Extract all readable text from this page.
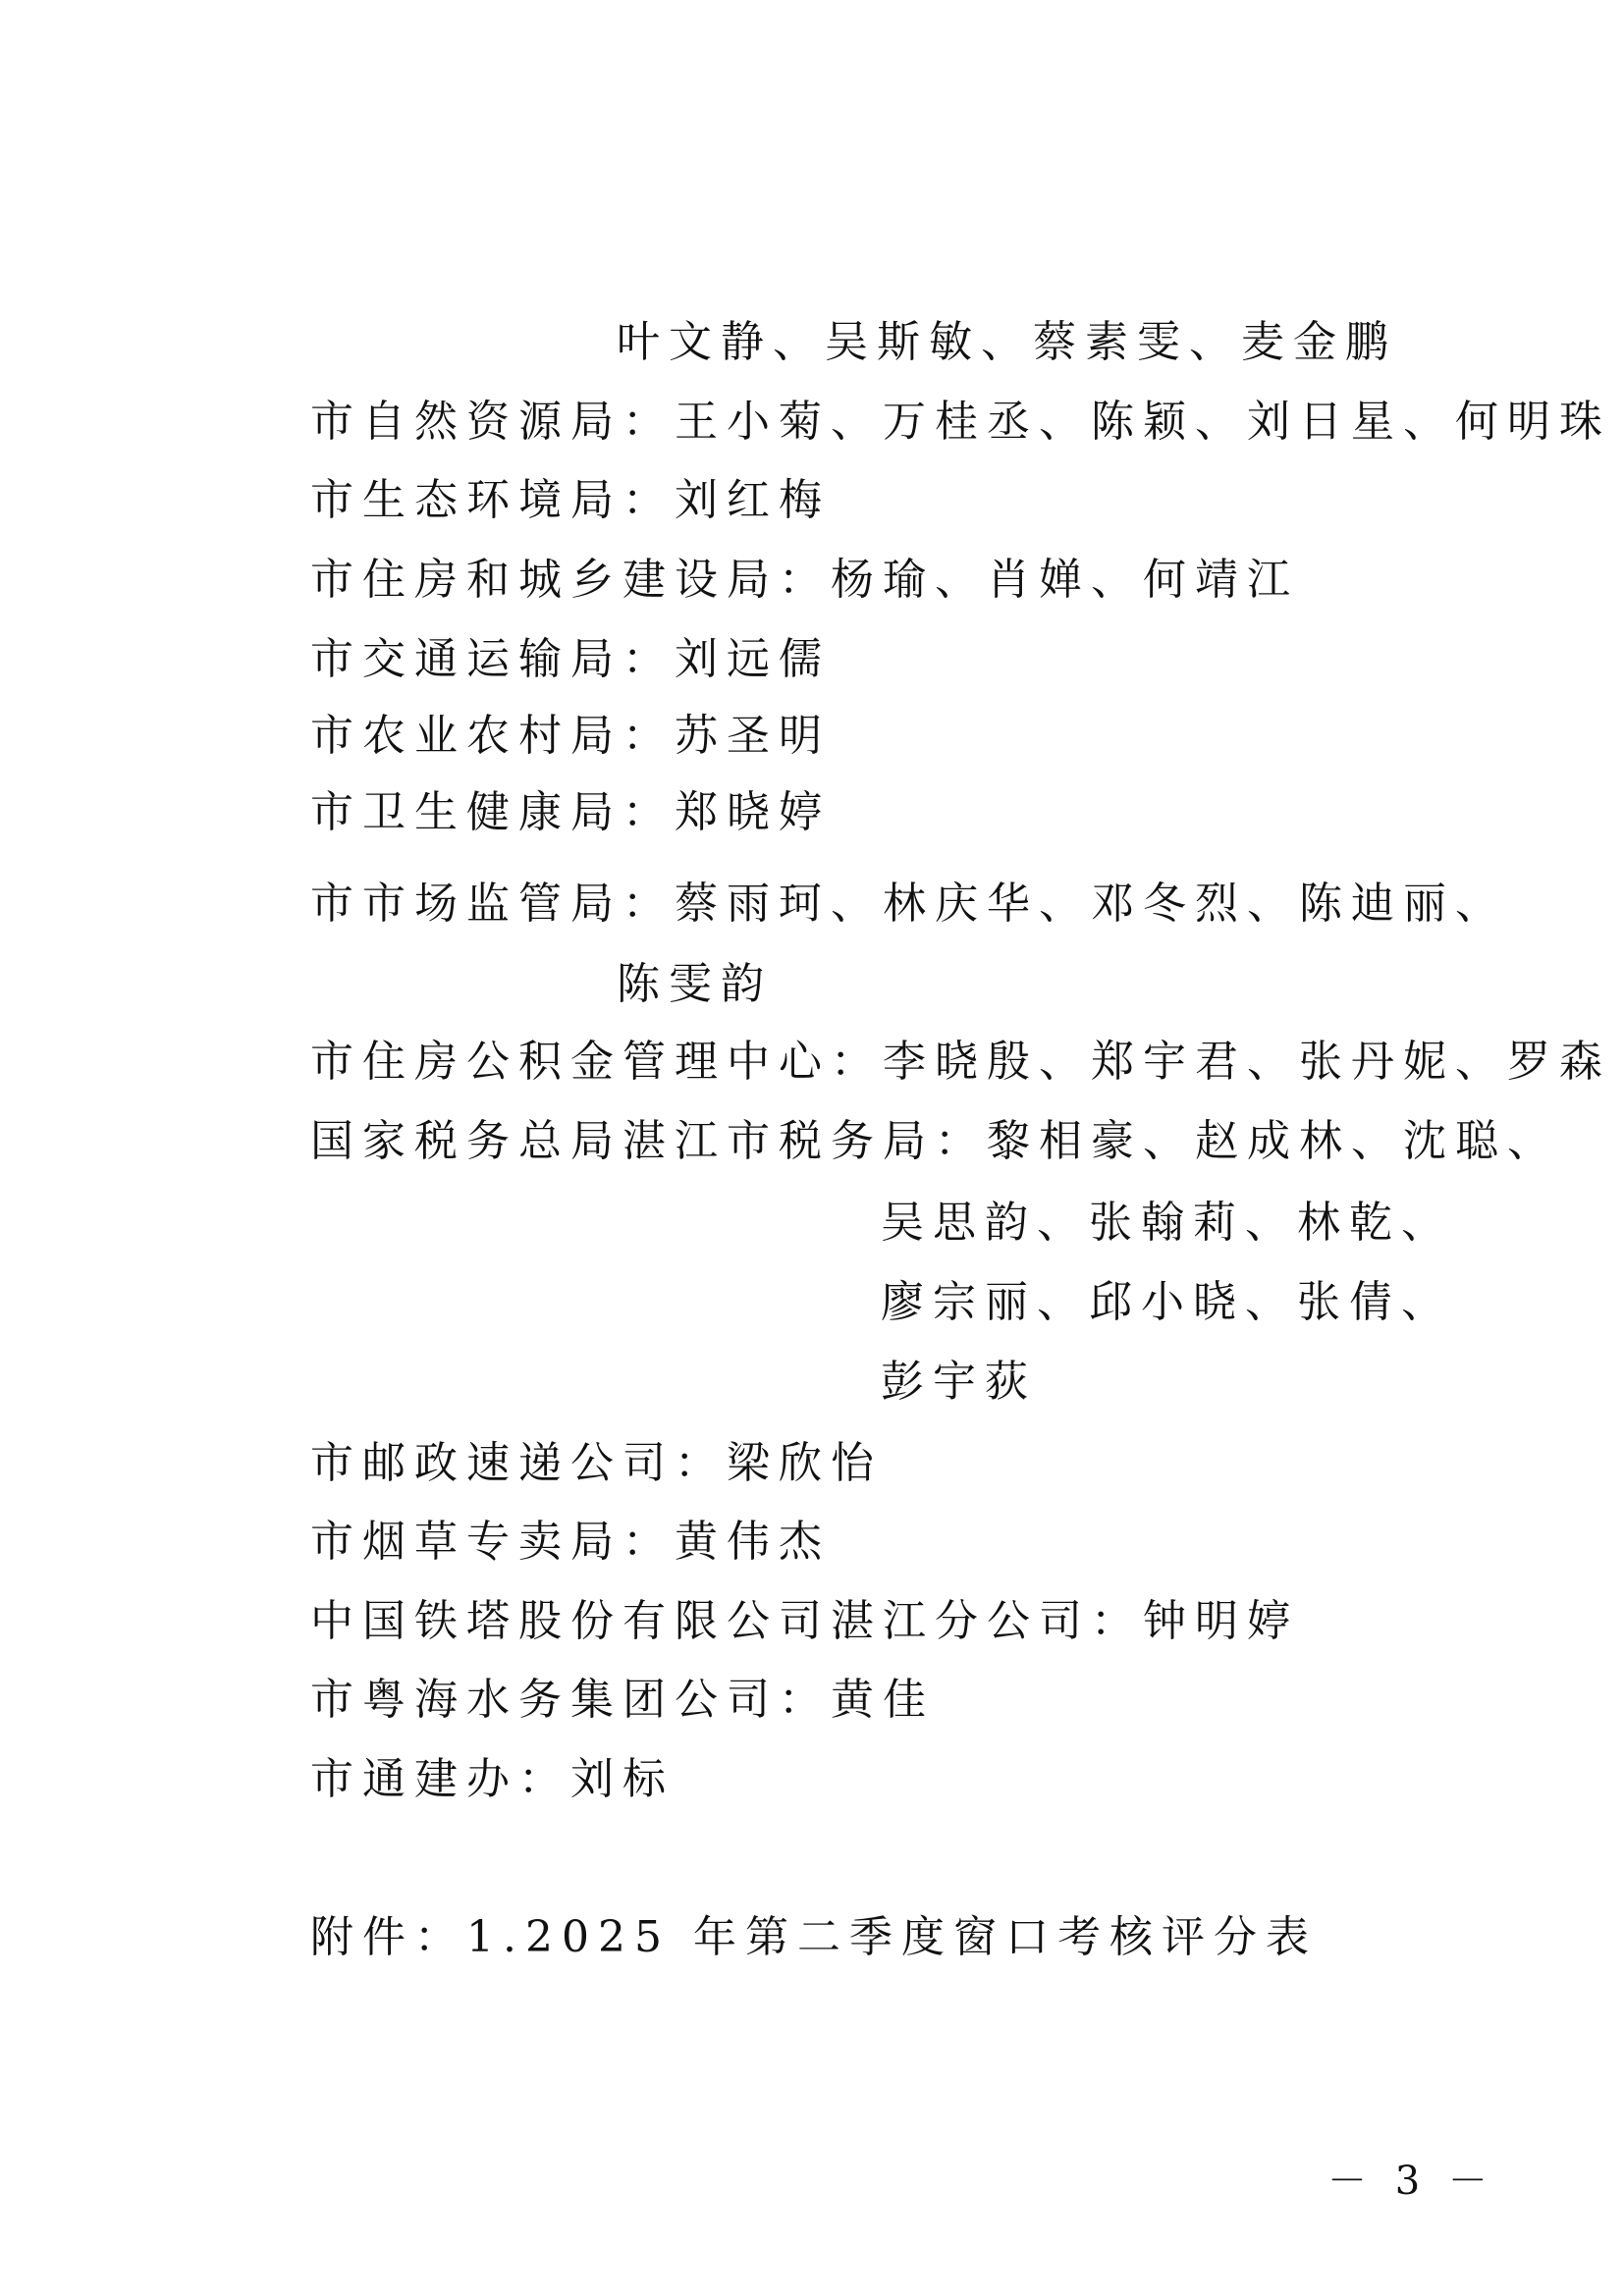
叶文静、吴斯敏、蔡素雯、麦金鹏
市自然资源局：王小菊、万桂丞、陈颖、刘日星、何明珠
市生态环境局：刘红梅
市住房和城乡建设局：杨瑜、肖婵、何靖江
市交通运输局：刘远儒
市农业农村局：苏圣明
市卫生健康局：郑晓婷
市市场监管局：蔡雨珂、林庆华、邓冬烈、陈迪丽、
陈雯韵
市住房公积金管理中心：李晓殷、郑宇君、张丹妮、罗森
国家税务总局湛江市税务局：黎相豪、赵成林、沈聪、
吴思韵、张翰莉、林乾、
廖宗丽、邱小晓、张倩、
彭宇荻
市邮政速递公司：梁欣怡
市烟草专卖局：黄伟杰
中国铁塔股份有限公司湛江分公司：钟明婷
市粤海水务集团公司：黄佳
市通建办：刘标
附件：1.2025 年第二季度窗口考核评分表
－ 3 －
